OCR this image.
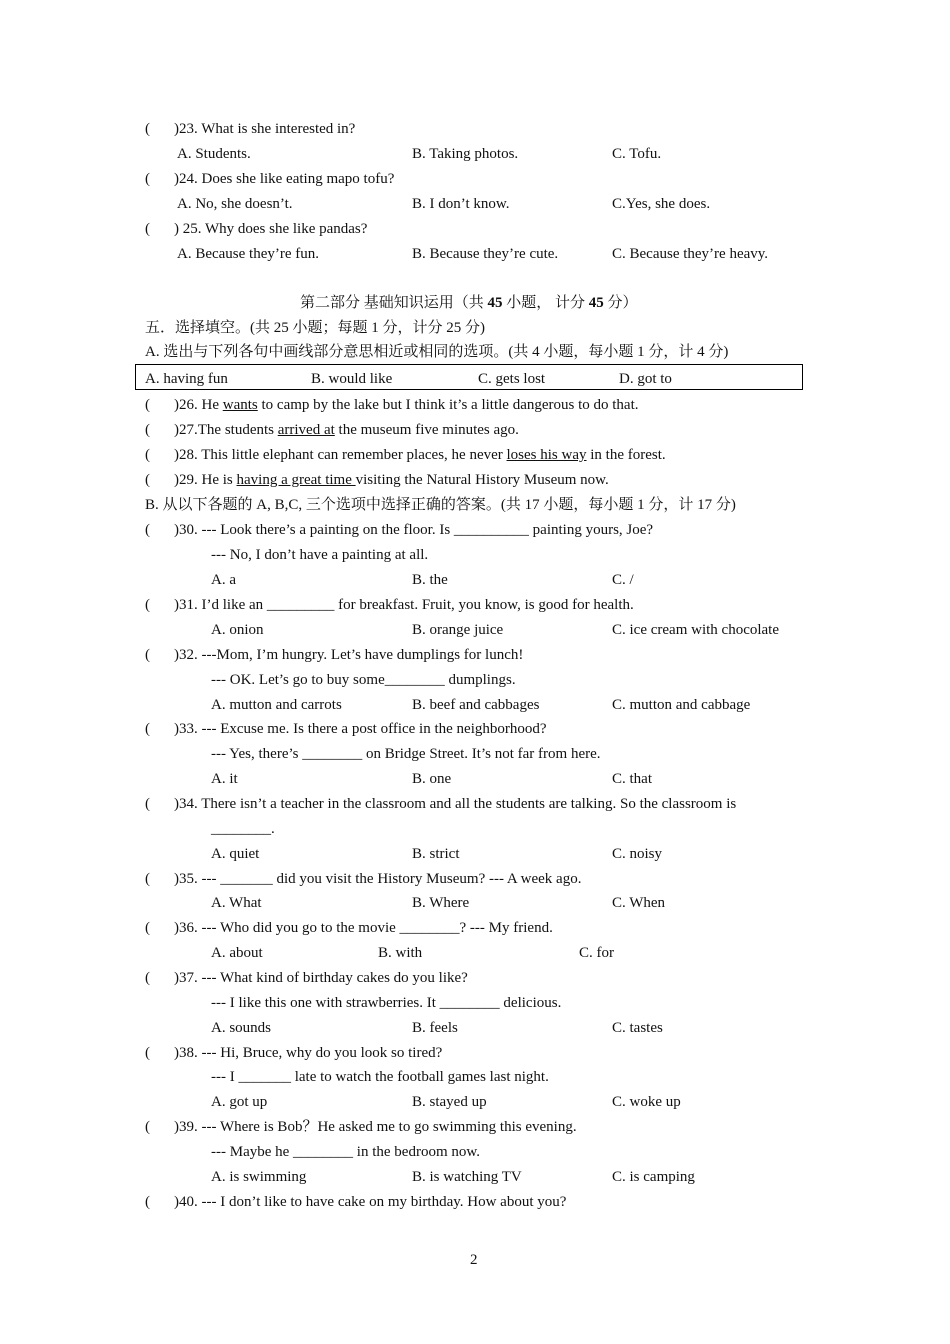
( )23. What is she interested in?
A. Students.	B. Taking photos.	C. Tofu.
( )24. Does she like eating mapo tofu?
A. No, she doesn’t.	B. I don’t know.	C.Yes, she does.
( ) 25. Why does she like pandas?
A. Because they’re fun.	B. Because they’re cute.	C. Because they’re heavy.
第二部分 基础知识运用（共 45 小题， 计分 45 分）
五．选择填空。(共 25 小题；每题 1 分，计分 25 分)
A. 选出与下列各句中画线部分意思相近或相同的选项。(共 4 小题，每小题 1 分，计 4 分)
A. having fun	B. would like	C. gets lost	D. got to
( )26. He wants to camp by the lake but I think it’s a little dangerous to do that.
( )27.The students arrived at the museum five minutes ago.
( )28. This little elephant can remember places, he never loses his way in the forest.
( )29. He is having a great time visiting the Natural History Museum now.
B. 从以下各题的 A, B,C, 三个选项中选择正确的答案。(共 17 小题，每小题 1 分，计 17 分)
( )30. --- Look there’s a painting on the floor. Is __________ painting yours, Joe?
--- No, I don’t have a painting at all.
A. a	B. the	C. /
( )31. I’d like an _________ for breakfast. Fruit, you know, is good for health.
A. onion	B. orange juice	C. ice cream with chocolate
( )32. ---Mom, I’m hungry. Let’s have dumplings for lunch!
--- OK. Let’s go to buy some________ dumplings.
A. mutton and carrots	B. beef and cabbages	C. mutton and cabbage
( )33. --- Excuse me. Is there a post office in the neighborhood?
--- Yes, there’s ________ on Bridge Street. It’s not far from here.
A. it	B. one	C. that
( )34. There isn’t a teacher in the classroom and all the students are talking. So the classroom is
________.
A. quiet	B. strict	C. noisy
( )35. --- _______ did you visit the History Museum? --- A week ago.
A. What	B. Where	C. When
( )36. --- Who did you go to the movie ________? --- My friend.
A. about	B. with	C. for
( )37. --- What kind of birthday cakes do you like?
--- I like this one with strawberries. It ________ delicious.
A. sounds	B. feels	C. tastes
( )38. --- Hi, Bruce, why do you look so tired?
--- I _______ late to watch the football games last night.
A. got up	B. stayed up	C. woke up
( )39. --- Where is Bob？He asked me to go swimming this evening.
--- Maybe he ________ in the bedroom now.
A. is swimming	B. is watching TV	C. is camping
( )40. --- I don’t like to have cake on my birthday. How about you?
2
